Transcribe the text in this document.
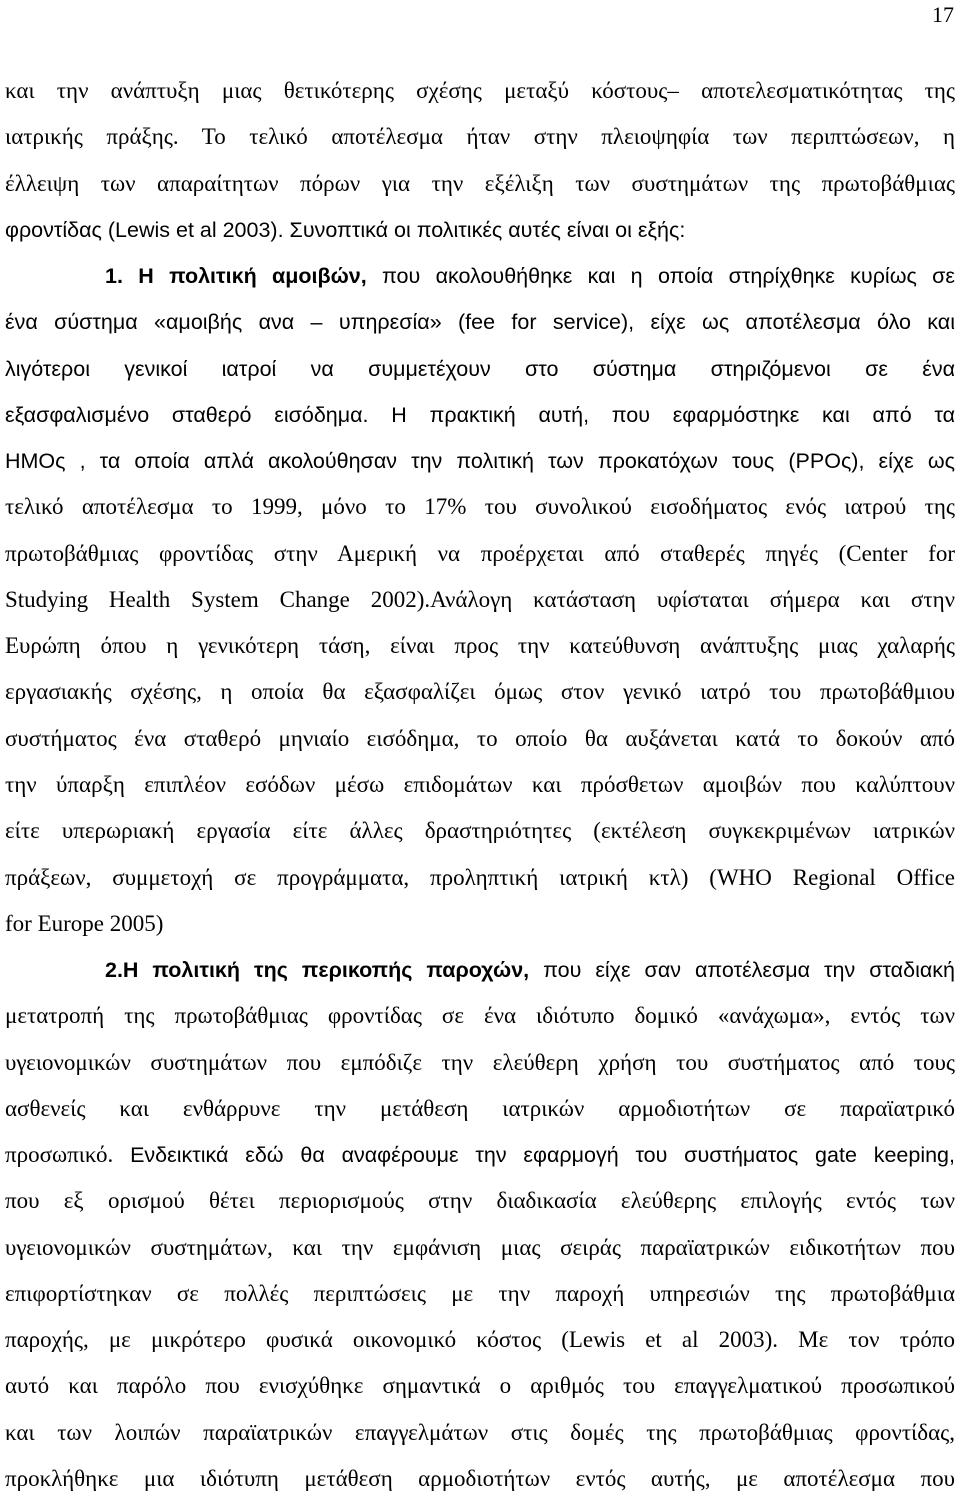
17
και την ανάπτυξη μιας θετικότερης σχέσης μεταξύ κόστους– αποτελεσματικότητας της
ιατρικής πράξης. Το τελικό αποτέλεσμα ήταν στην πλειοψηφία των περιπτώσεων, η
έλλειψη των απαραίτητων πόρων για την εξέλιξη των συστημάτων της πρωτοβάθμιας
φροντίδας (Lewis et al 2003). Συνοπτικά οι πολιτικές αυτές είναι οι εξής:
1. Η πολιτική αμοιβών, που ακολουθήθηκε και η οποία στηρίχθηκε κυρίως σε
ένα σύστημα «αμοιβής ανα – υπηρεσία» (fee for service), είχε ως αποτέλεσμα όλο και
λιγότεροι γενικοί ιατροί να συμμετέχουν στο σύστημα στηριζόμενοι σε ένα
εξασφαλισμένο σταθερό εισόδημα. Η πρακτική αυτή, που εφαρμόστηκε και από τα
HMOς , τα οποία απλά ακολούθησαν την πολιτική των προκατόχων τους (PPOς), είχε ως
τελικό αποτέλεσμα το 1999, μόνο το 17% του συνολικού εισοδήματος ενός ιατρού της
πρωτοβάθμιας φροντίδας στην Αμερική να προέρχεται από σταθερές πηγές (Center for
Studying Health System Change 2002).Ανάλογη κατάσταση υφίσταται σήμερα και στην
Ευρώπη όπου η γενικότερη τάση, είναι προς την κατεύθυνση ανάπτυξης μιας χαλαρής
εργασιακής σχέσης, η οποία θα εξασφαλίζει όμως στον γενικό ιατρό του πρωτοβάθμιου
συστήματος ένα σταθερό μηνιαίο εισόδημα, το οποίο θα αυξάνεται κατά το δοκούν από
την ύπαρξη επιπλέον εσόδων μέσω επιδομάτων και πρόσθετων αμοιβών που καλύπτουν
είτε υπερωριακή εργασία είτε άλλες δραστηριότητες (εκτέλεση συγκεκριμένων ιατρικών
πράξεων, συμμετοχή σε προγράμματα, προληπτική ιατρική κτλ) (WHO Regional Office
for Europe 2005)
2.Η πολιτική της περικοπής παροχών, που είχε σαν αποτέλεσμα την σταδιακή
μετατροπή της πρωτοβάθμιας φροντίδας σε ένα ιδιότυπο δομικό «ανάχωμα», εντός των
υγειονομικών συστημάτων που εμπόδιζε την ελεύθερη χρήση του συστήματος από τους
ασθενείς και ενθάρρυνε την μετάθεση ιατρικών αρμοδιοτήτων σε παραϊατρικό
προσωπικό. Ενδεικτικά εδώ θα αναφέρουμε την εφαρμογή του συστήματος gate keeping,
που εξ ορισμού θέτει περιορισμούς στην διαδικασία ελεύθερης επιλογής εντός των
υγειονομικών συστημάτων, και την εμφάνιση μιας σειράς παραϊατρικών ειδικοτήτων που
επιφορτίστηκαν σε πολλές περιπτώσεις με την παροχή υπηρεσιών της πρωτοβάθμια
παροχής, με μικρότερο φυσικά οικονομικό κόστος (Lewis et al 2003). Με τον τρόπο
αυτό και παρόλο που ενισχύθηκε σημαντικά ο αριθμός του επαγγελματικού προσωπικού
και των λοιπών παραϊατρικών επαγγελμάτων στις δομές της πρωτοβάθμιας φροντίδας,
προκλήθηκε μια ιδιότυπη μετάθεση αρμοδιοτήτων εντός αυτής, με αποτέλεσμα που
